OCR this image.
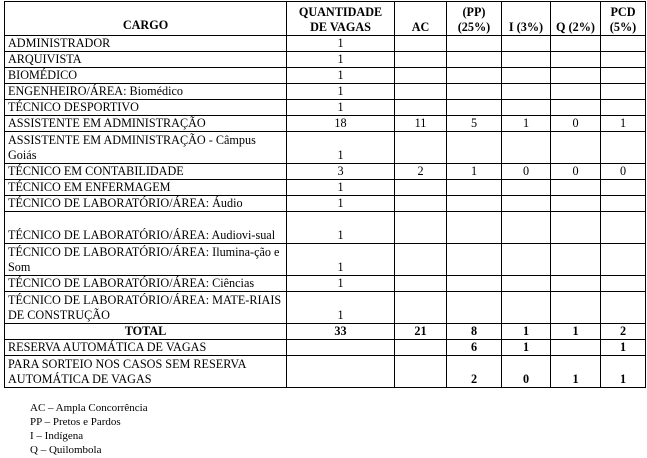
CARGO	QUANTIDADE DE VAGAS	AC	(PP) (25%)	I (3%)	Q (2%)	PCD (5%)
ADMINISTRADOR	1					
ARQUIVISTA	1					
BIOMÉDICO	1					
ENGENHEIRO/ÁREA: Biomédico	1					
TÉCNICO DESPORTIVO	1					
ASSISTENTE EM ADMINISTRAÇÃO	18	11	5	1	0	1
ASSISTENTE EM ADMINISTRAÇÃO - Câmpus Goiás	1					
TÉCNICO EM CONTABILIDADE	3	2	1	0	0	0
TÉCNICO EM ENFERMAGEM	1					
TÉCNICO DE LABORATÓRIO/ÁREA: Áudio	1					
TÉCNICO DE LABORATÓRIO/ÁREA: Audiovi-sual	1					
TÉCNICO DE LABORATÓRIO/ÁREA: Ilumina-ção e Som	1					
TÉCNICO DE LABORATÓRIO/ÁREA: Ciências	1					
TÉCNICO DE LABORATÓRIO/ÁREA: MATE-RIAIS DE CONSTRUÇÃO	1					
TOTAL	33	21	8	1	1	2
RESERVA AUTOMÁTICA DE VAGAS			6	1		1
PARA SORTEIO NOS CASOS SEM RESERVA AUTOMÁTICA DE VAGAS			2	0	1	1
AC – Ampla Concorrência
PP – Pretos e Pardos
I – Indígena
Q – Quilombola
